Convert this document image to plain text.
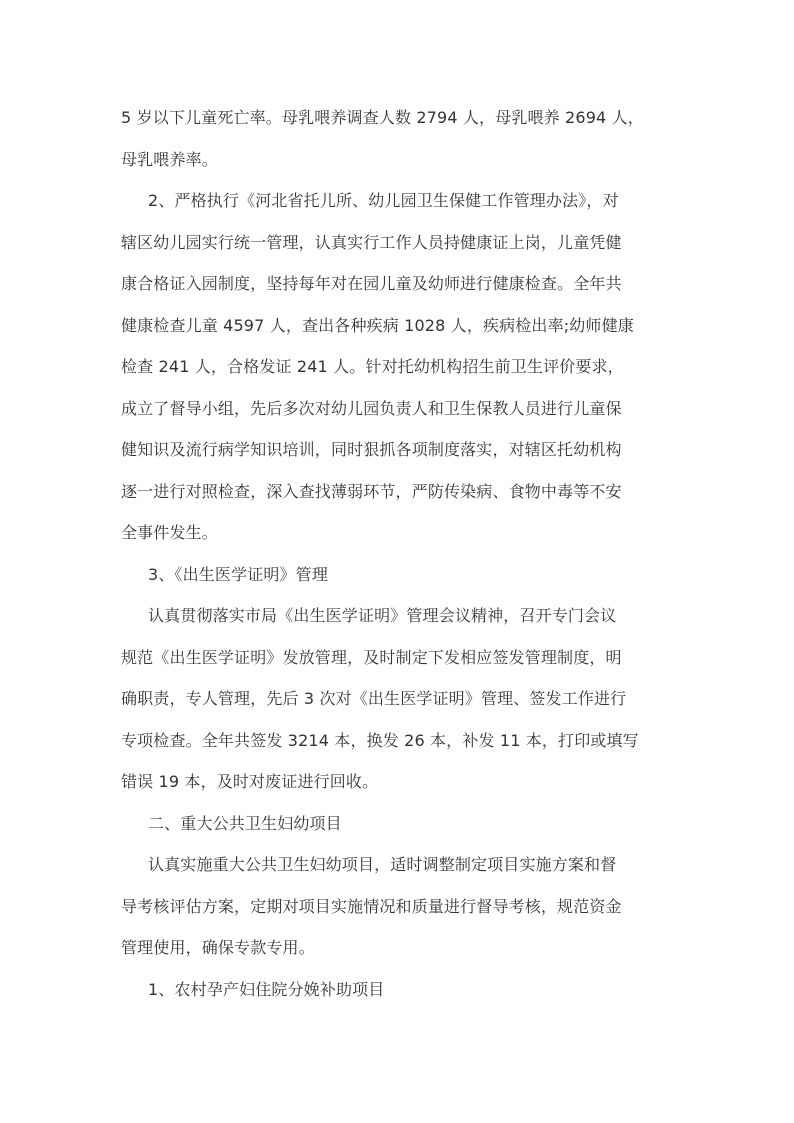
5 岁以下儿童死亡率。母乳喂养调查人数 2794 人，母乳喂养 2694 人，
母乳喂养率。
2、严格执行《河北省托儿所、幼儿园卫生保健工作管理办法》，对
辖区幼儿园实行统一管理，认真实行工作人员持健康证上岗，儿童凭健
康合格证入园制度，坚持每年对在园儿童及幼师进行健康检查。全年共
健康检查儿童 4597 人，查出各种疾病 1028 人，疾病检出率;幼师健康
检查 241 人，合格发证 241 人。针对托幼机构招生前卫生评价要求，
成立了督导小组，先后多次对幼儿园负责人和卫生保教人员进行儿童保
健知识及流行病学知识培训，同时狠抓各项制度落实，对辖区托幼机构
逐一进行对照检查，深入查找薄弱环节，严防传染病、食物中毒等不安
全事件发生。
3、《出生医学证明》管理
认真贯彻落实市局《出生医学证明》管理会议精神，召开专门会议
规范《出生医学证明》发放管理，及时制定下发相应签发管理制度，明
确职责，专人管理，先后 3 次对《出生医学证明》管理、签发工作进行
专项检查。全年共签发 3214 本，换发 26 本，补发 11 本，打印或填写
错误 19 本，及时对废证进行回收。
二、重大公共卫生妇幼项目
认真实施重大公共卫生妇幼项目，适时调整制定项目实施方案和督
导考核评估方案，定期对项目实施情况和质量进行督导考核，规范资金
管理使用，确保专款专用。
1、农村孕产妇住院分娩补助项目
